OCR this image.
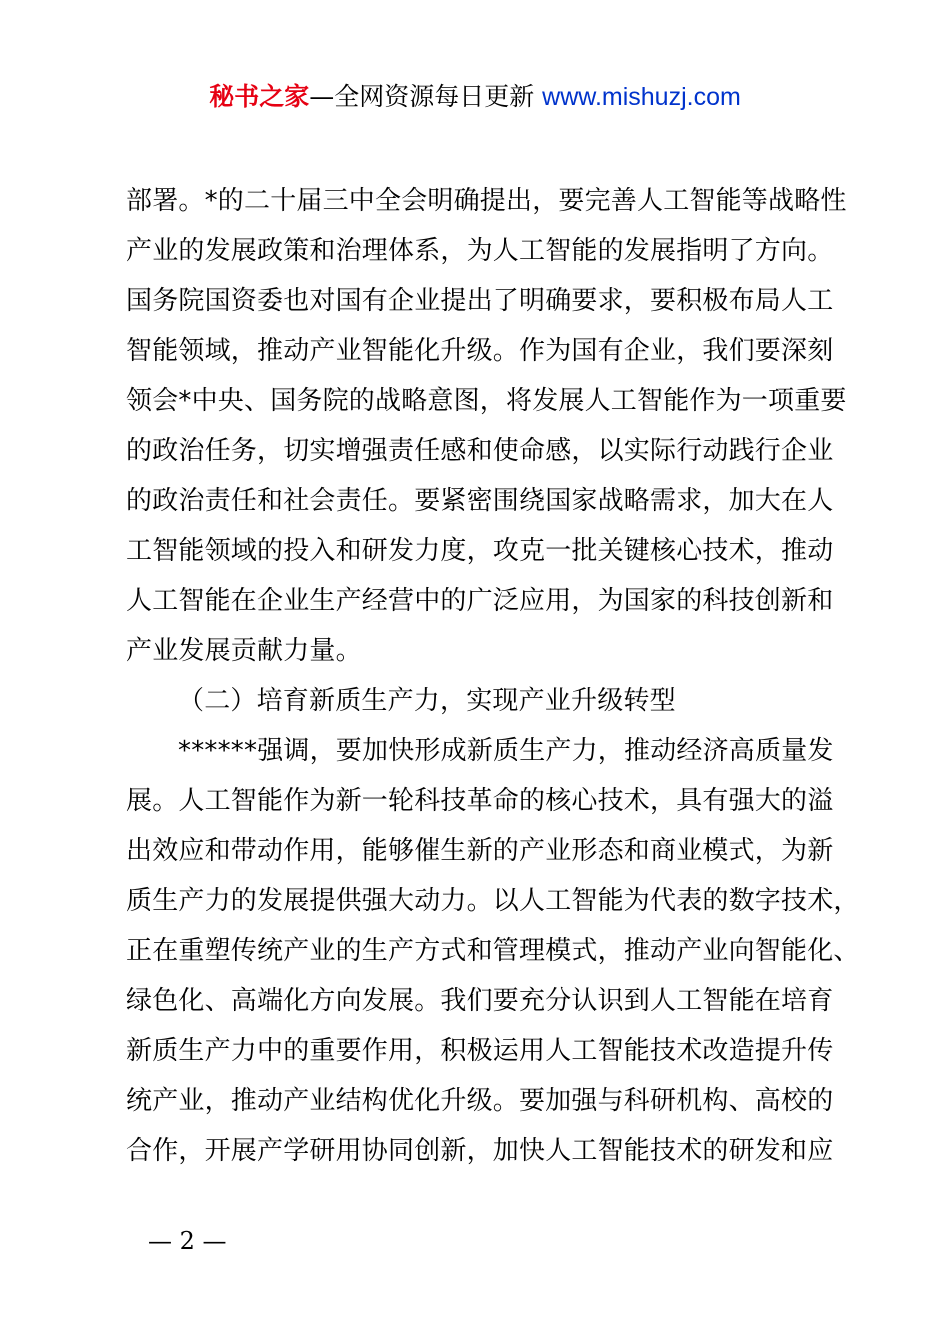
秘书之家—全网资源每日更新 www.mishuzj.com
部署。*的二十届三中全会明确提出，要完善人工智能等战略性
产业的发展政策和治理体系，为人工智能的发展指明了方向。
国务院国资委也对国有企业提出了明确要求，要积极布局人工
智能领域，推动产业智能化升级。作为国有企业，我们要深刻
领会*中央、国务院的战略意图，将发展人工智能作为一项重要
的政治任务，切实增强责任感和使命感，以实际行动践行企业
的政治责任和社会责任。要紧密围绕国家战略需求，加大在人
工智能领域的投入和研发力度，攻克一批关键核心技术，推动
人工智能在企业生产经营中的广泛应用，为国家的科技创新和
产业发展贡献力量。
（二）培育新质生产力，实现产业升级转型
******强调，要加快形成新质生产力，推动经济高质量发
展。人工智能作为新一轮科技革命的核心技术，具有强大的溢
出效应和带动作用，能够催生新的产业形态和商业模式，为新
质生产力的发展提供强大动力。以人工智能为代表的数字技术，
正在重塑传统产业的生产方式和管理模式，推动产业向智能化、
绿色化、高端化方向发展。我们要充分认识到人工智能在培育
新质生产力中的重要作用，积极运用人工智能技术改造提升传
统产业，推动产业结构优化升级。要加强与科研机构、高校的
合作，开展产学研用协同创新，加快人工智能技术的研发和应
— 2 —
